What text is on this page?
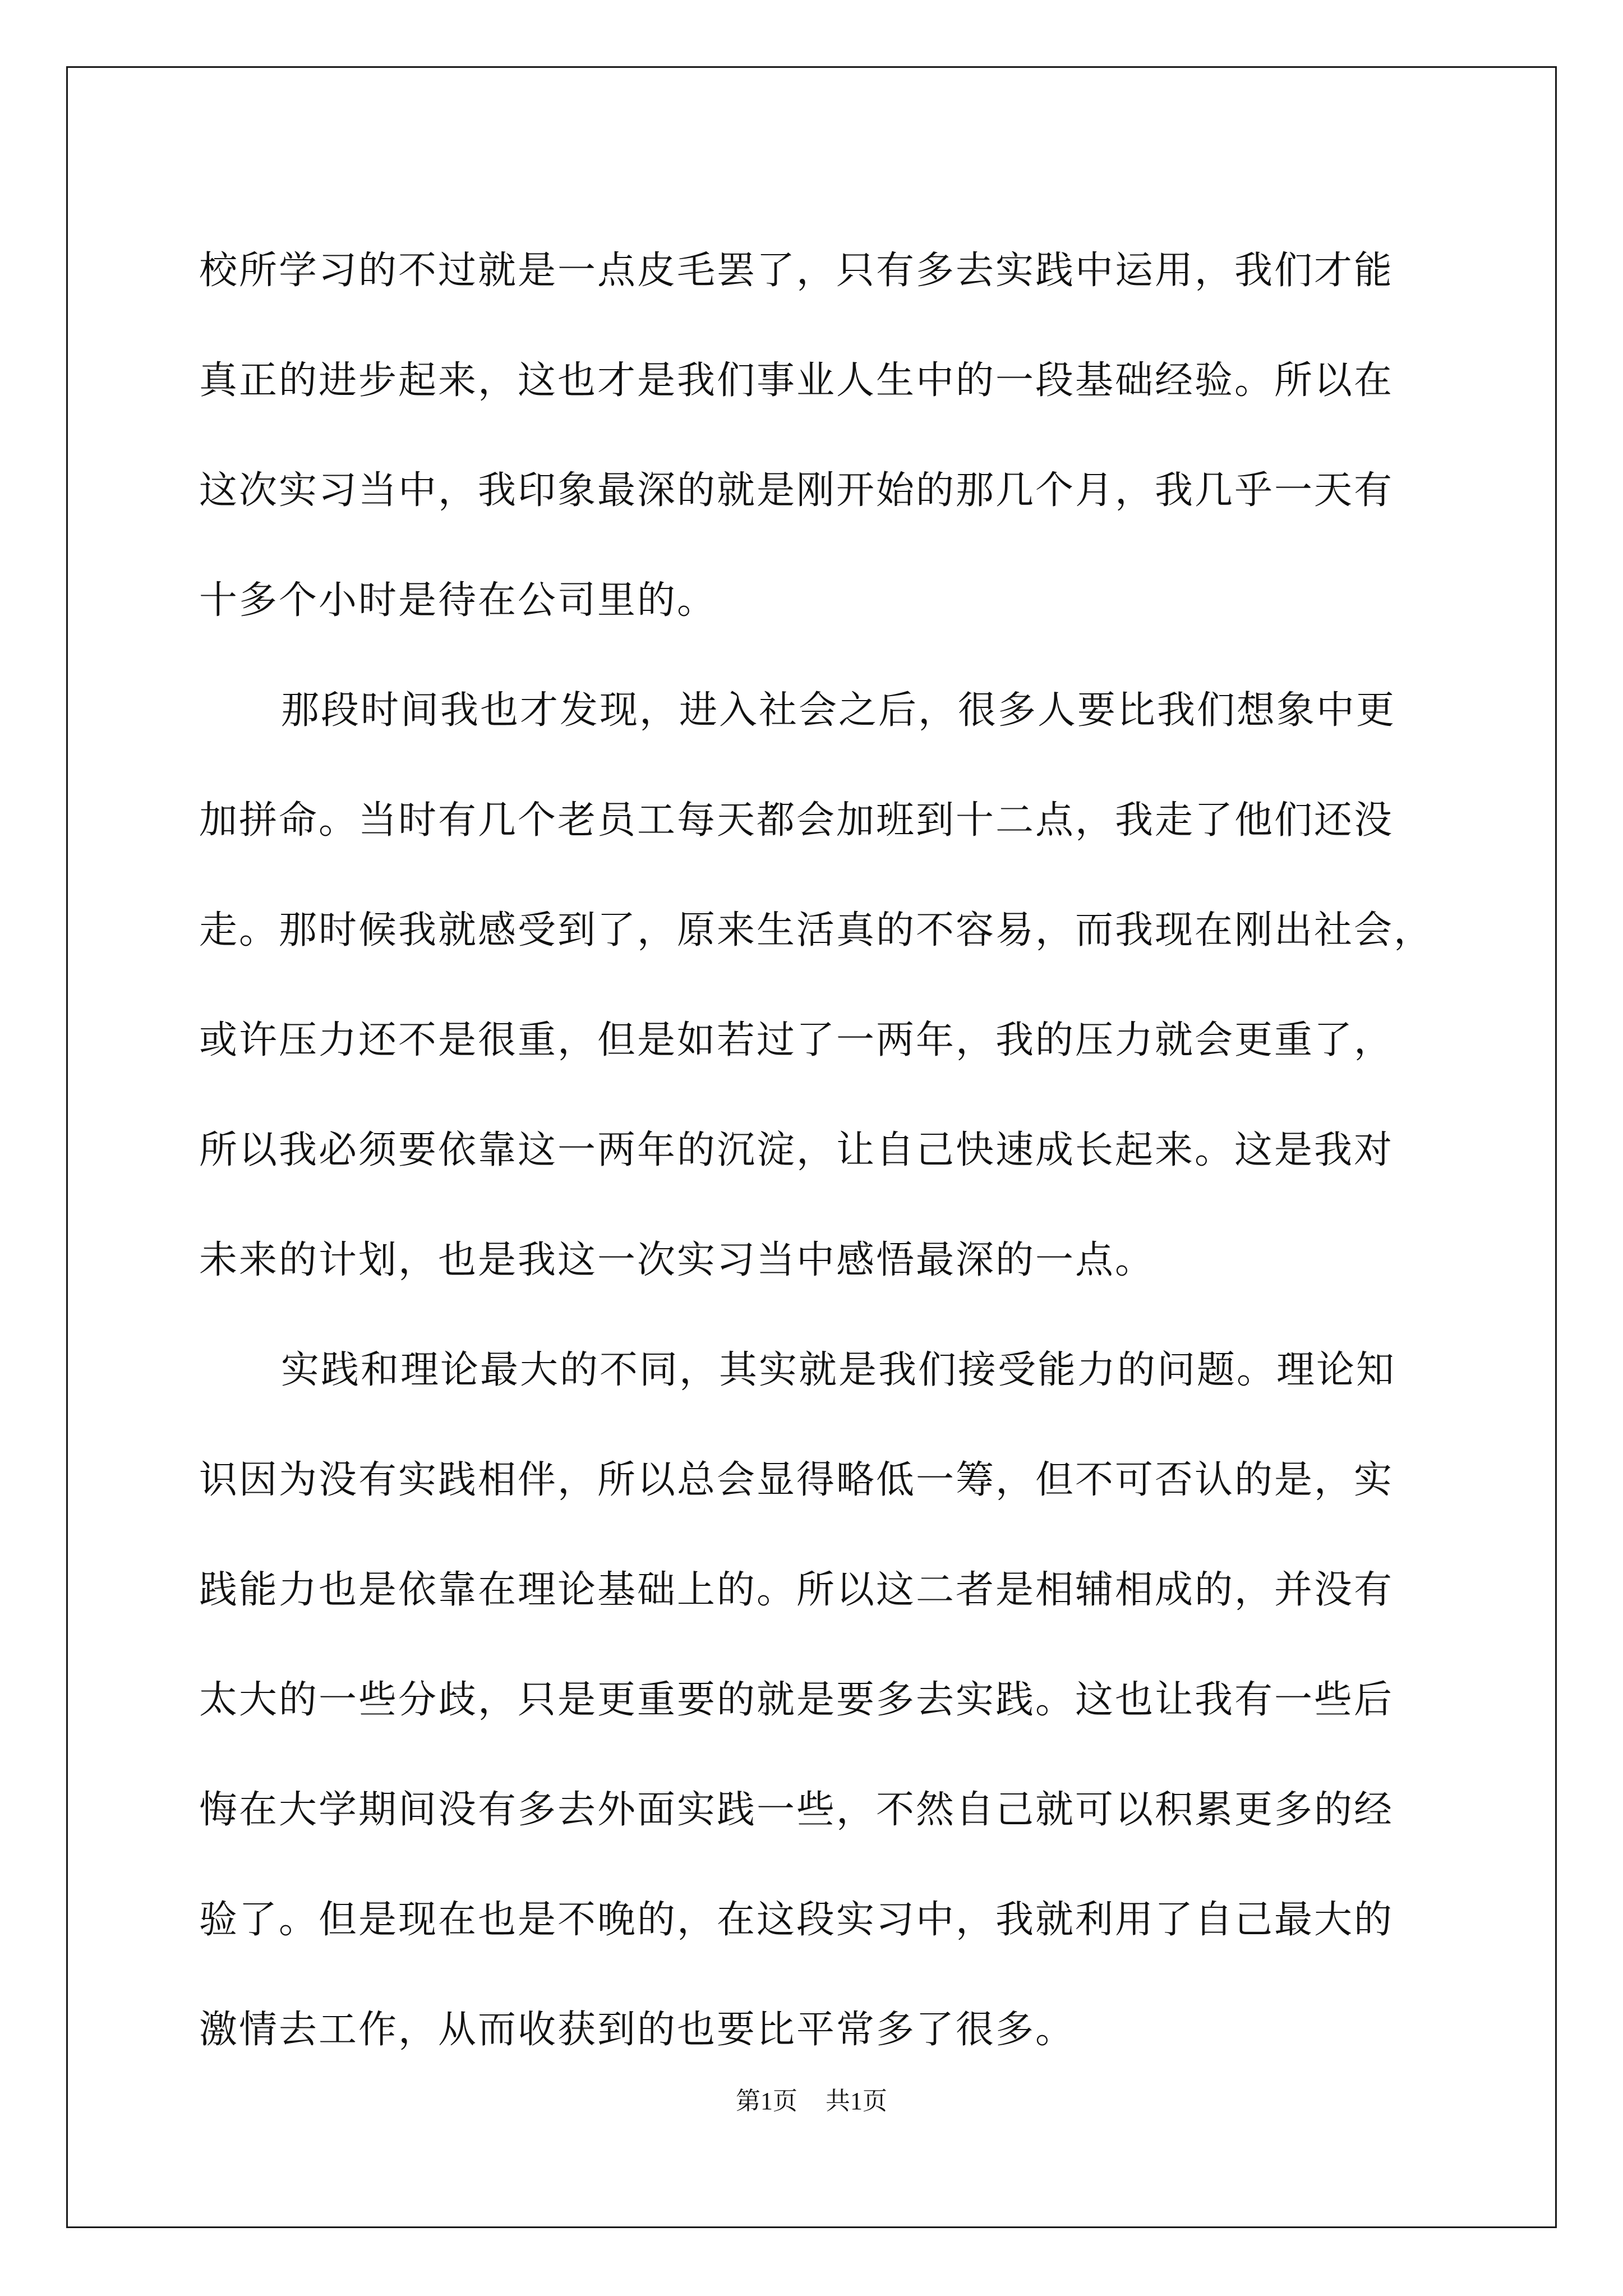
校所学习的不过就是一点皮毛罢了，只有多去实践中运用，我们才能
真正的进步起来，这也才是我们事业人生中的一段基础经验。所以在
这次实习当中，我印象最深的就是刚开始的那几个月，我几乎一天有
十多个小时是待在公司里的。
那段时间我也才发现，进入社会之后，很多人要比我们想象中更
加拼命。当时有几个老员工每天都会加班到十二点，我走了他们还没
走。那时候我就感受到了，原来生活真的不容易，而我现在刚出社会，
或许压力还不是很重，但是如若过了一两年，我的压力就会更重了，
所以我必须要依靠这一两年的沉淀，让自己快速成长起来。这是我对
未来的计划，也是我这一次实习当中感悟最深的一点。
实践和理论最大的不同，其实就是我们接受能力的问题。理论知
识因为没有实践相伴，所以总会显得略低一筹，但不可否认的是，实
践能力也是依靠在理论基础上的。所以这二者是相辅相成的，并没有
太大的一些分歧，只是更重要的就是要多去实践。这也让我有一些后
悔在大学期间没有多去外面实践一些，不然自己就可以积累更多的经
验了。但是现在也是不晚的，在这段实习中，我就利用了自己最大的
激情去工作，从而收获到的也要比平常多了很多。
第1页 共1页
